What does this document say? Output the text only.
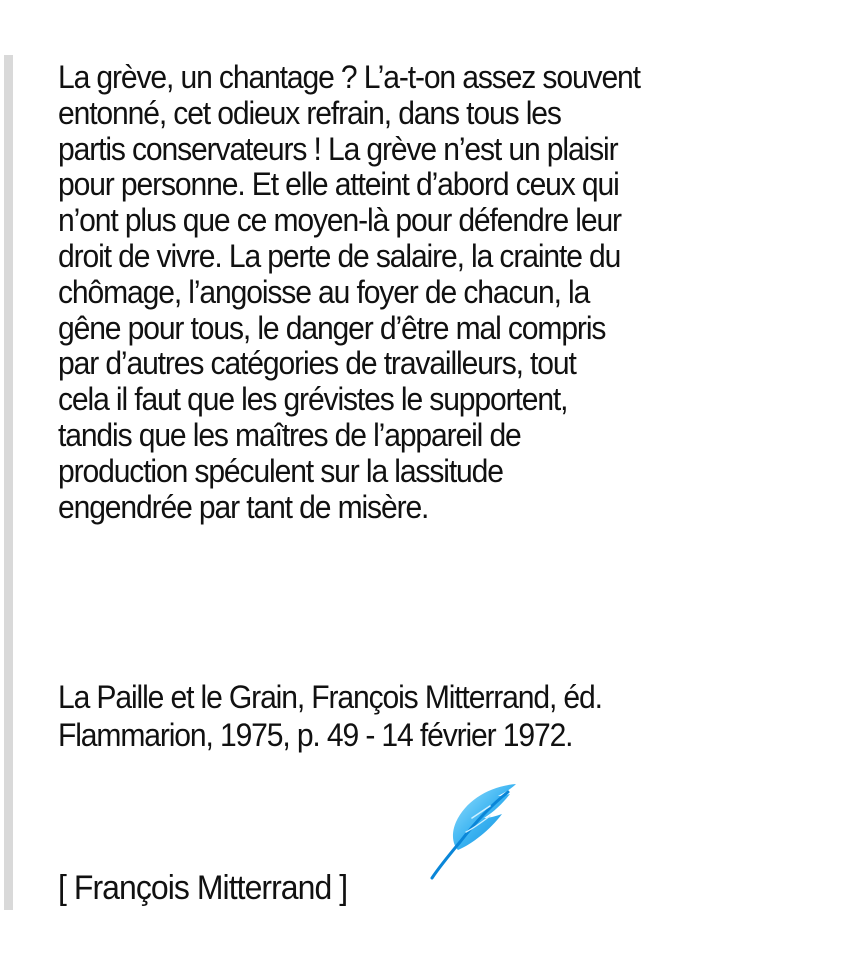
La grève, un chantage ? L’a-t-on assez souvent
entonné, cet odieux refrain, dans tous les
partis conservateurs ! La grève n’est un plaisir
pour personne. Et elle atteint d’abord ceux qui
n’ont plus que ce moyen-là pour défendre leur
droit de vivre. La perte de salaire, la crainte du
chômage, l’angoisse au foyer de chacun, la
gêne pour tous, le danger d’être mal compris
par d’autres catégories de travailleurs, tout
cela il faut que les grévistes le supportent,
tandis que les maîtres de l’appareil de
production spéculent sur la lassitude
engendrée par tant de misère.
La Paille et le Grain, François Mitterrand, éd.
Flammarion, 1975, p. 49 - 14 février 1972.
[ François Mitterrand ]
